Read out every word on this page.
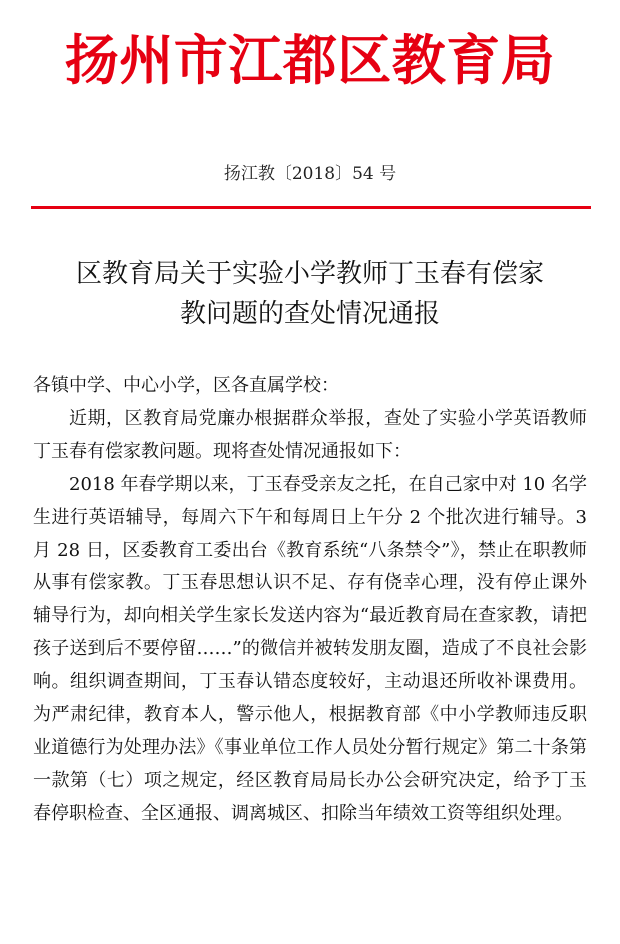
扬州市江都区教育局
扬江教〔2018〕54 号
区教育局关于实验小学教师丁玉春有偿家
教问题的查处情况通报

各镇中学、中心小学，区各直属学校：

近期，区教育局党廉办根据群众举报，查处了实验小学英语教师丁玉春有偿家教问题。现将查处情况通报如下：

2018 年春学期以来，丁玉春受亲友之托，在自己家中对 10 名学生进行英语辅导，每周六下午和每周日上午分 2 个批次进行辅导。3 月 28 日，区委教育工委出台《教育系统“八条禁令”》，禁止在职教师从事有偿家教。丁玉春思想认识不足、存有侥幸心理，没有停止课外辅导行为，却向相关学生家长发送内容为“最近教育局在查家教，请把孩子送到后不要停留……”的微信并被转发朋友圈，造成了不良社会影响。组织调查期间，丁玉春认错态度较好，主动退还所收补课费用。为严肃纪律，教育本人，警示他人，根据教育部《中小学教师违反职业道德行为处理办法》《事业单位工作人员处分暂行规定》第二十条第一款第（七）项之规定，经区教育局局长办公会研究决定，给予丁玉春停职检查、全区通报、调离城区、扣除当年绩效工资等组织处理。
